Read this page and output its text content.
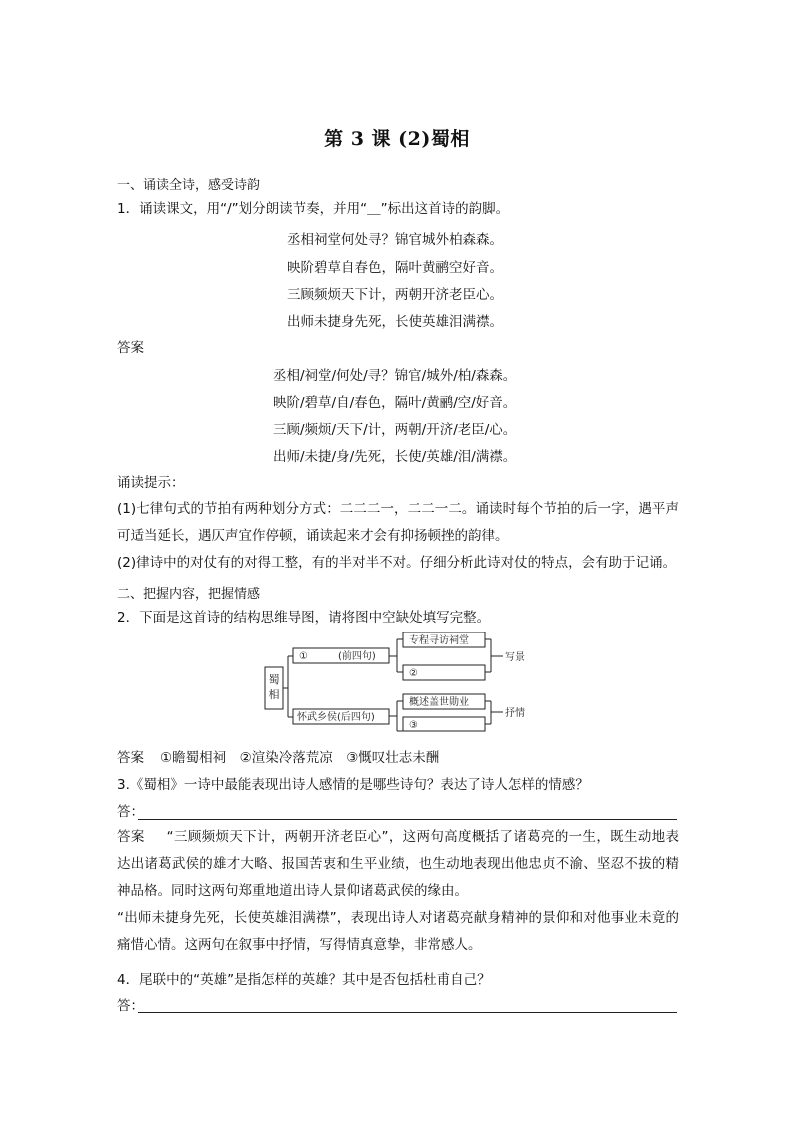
第 3 课 (2)蜀相
一、诵读全诗，感受诗韵
1．诵读课文，用“/”划分朗读节奏，并用“＿”标出这首诗的韵脚。
丞相祠堂何处寻？锦官城外柏森森。
映阶碧草自春色，隔叶黄鹂空好音。
三顾频烦天下计，两朝开济老臣心。
出师未捷身先死，长使英雄泪满襟。
答案
丞相/祠堂/何处/寻？锦官/城外/柏/森森。
映阶/碧草/自/春色，隔叶/黄鹂/空/好音。
三顾/频烦/天下/计，两朝/开济/老臣/心。
出师/未捷/身/先死，长使/英雄/泪/满襟。
诵读提示：
(1)七律句式的节拍有两种划分方式：二二二一，二二一二。诵读时每个节拍的后一字，遇平声可适当延长，遇仄声宜作停顿，诵读起来才会有抑扬顿挫的韵律。
(2)律诗中的对仗有的对得工整，有的半对半不对。仔细分析此诗对仗的特点，会有助于记诵。
二、把握内容，把握情感
2．下面是这首诗的结构思维导图，请将图中空缺处填写完整。
蜀
相
①　　　(前四句)
怀武乡侯(后四句)
专程寻访祠堂
②
写景
概述盖世勋业
③
抒情
答案 ①瞻蜀相祠　②渲染冷落荒凉　③慨叹壮志未酬
3.《蜀相》一诗中最能表现出诗人感情的是哪些诗句？表达了诗人怎样的情感？
答：
答案 “三顾频烦天下计，两朝开济老臣心”，这两句高度概括了诸葛亮的一生，既生动地表达出诸葛武侯的雄才大略、报国苦衷和生平业绩，也生动地表现出他忠贞不渝、坚忍不拔的精神品格。同时这两句郑重地道出诗人景仰诸葛武侯的缘由。
“出师未捷身先死，长使英雄泪满襟”，表现出诗人对诸葛亮献身精神的景仰和对他事业未竟的痛惜心情。这两句在叙事中抒情，写得情真意挚，非常感人。
4．尾联中的“英雄”是指怎样的英雄？其中是否包括杜甫自己？
答：
